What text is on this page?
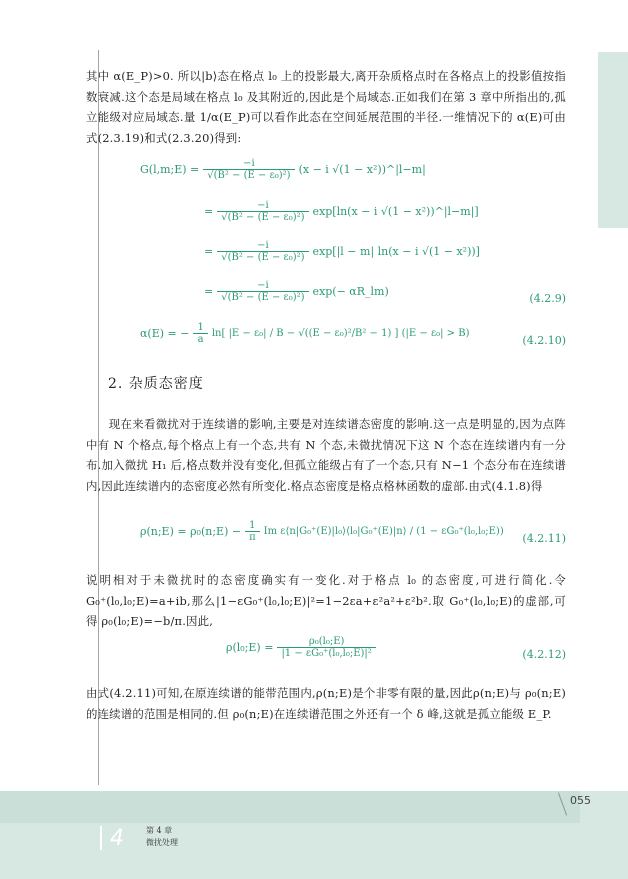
其中 α(E_P)>0. 所以|b⟩态在格点 l₀ 上的投影最大,离开杂质格点时在各格点上的投影值按指数衰减.这个态是局域在格点 l₀ 及其附近的,因此是个局域态.正如我们在第 3 章中所指出的,孤立能级对应局域态.量 1/α(E_P)可以看作此态在空间延展范围的半径.一维情况下的 α(E)可由式(2.3.19)和式(2.3.20)得到:
G(l,m;E) = $\frac{-i}{\text{√(B² − (E − ε₀)²)}} (x - i$ √(1 − x²))^|l−m|
= $\frac{-i}{\text{√(B² − (E − ε₀)²)}} \exp[\ln(x - i$ √(1 − x²))^|l−m|]
= $\frac{-i}{\text{√(B² − (E − ε₀)²)}} \exp[|l - m|$ ln(x − i √(1 − x²))]
= $\frac{-i}{\text{√(B² − (E − ε₀)²)}} \exp(-$ αR_lm)
(4.2.9)
α(E) = − $\frac{1}{a} \ln$[ |E − ε₀| / B − √((E − ε₀)²/B² − 1) ] (|E − ε₀| > B)
(4.2.10)
2. 杂质态密度
现在来看微扰对于连续谱的影响,主要是对连续谱态密度的影响.这一点是明显的,因为点阵中有 N 个格点,每个格点上有一个态,共有 N 个态,未微扰情况下这 N 个态在连续谱内有一分布.加入微扰 H₁ 后,格点数并没有变化,但孤立能级占有了一个态,只有 N−1 个态分布在连续谱内,因此连续谱内的态密度必然有所变化.格点态密度是格点格林函数的虚部.由式(4.1.8)得
ρ(n;E) = ρ₀(n;E) − $\frac{1}{\pi}$ Im ε⟨n|G₀⁺(E)|l₀⟩⟨l₀|G₀⁺(E)|n⟩ / (1 − εG₀⁺(l₀,l₀;E))
(4.2.11)
说明相对于未微扰时的态密度确实有一变化.对于格点 l₀ 的态密度,可进行简化.令 G₀⁺(l₀,l₀;E)=a+ib,那么|1−εG₀⁺(l₀,l₀;E)|²=1−2εa+ε²a²+ε²b².取 G₀⁺(l₀,l₀;E)的虚部,可得 ρ₀(l₀;E)=−b/π.因此,
ρ(l₀;E) = $\frac{\text{ρ₀(l₀;E)}}{\text{|1 − εG₀⁺(l₀,l₀;E)|²}}$	(4.2.12)
由式(4.2.11)可知,在原连续谱的能带范围内,ρ(n;E)是个非零有限的量,因此ρ(n;E)与 ρ₀(n;E)的连续谱的范围是相同的.但 ρ₀(n;E)在连续谱范围之外还有一个 δ 峰,这就是孤立能级 E_P.
055
4	第 4 章
微扰处理
